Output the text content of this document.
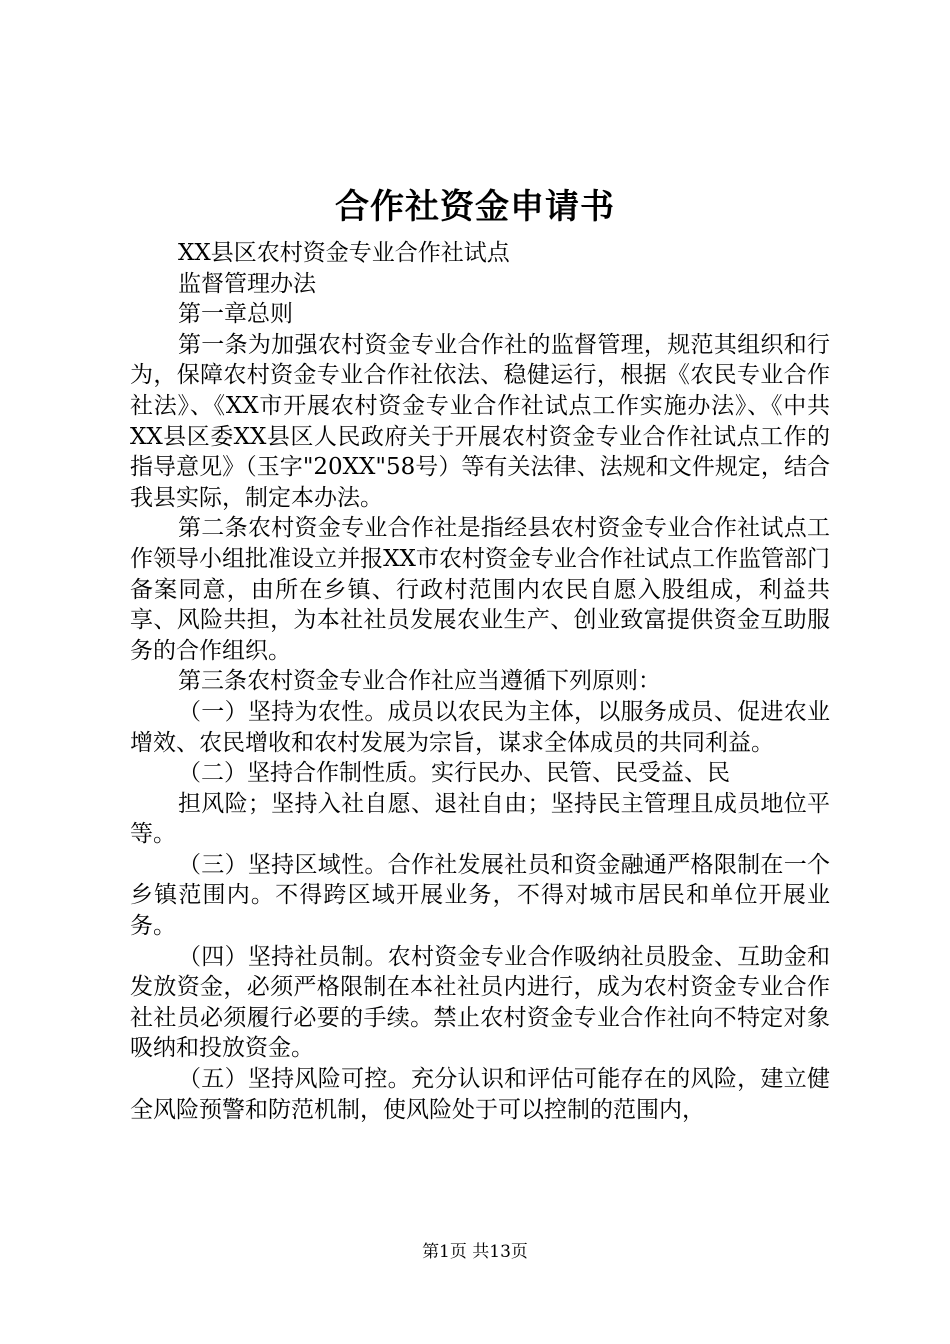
合作社资金申请书

XX县区农村资金专业合作社试点

监督管理办法

第一章总则

第一条为加强农村资金专业合作社的监督管理，规范其组织和行为，保障农村资金专业合作社依法、稳健运行，根据《农民专业合作社法》、《XX市开展农村资金专业合作社试点工作实施办法》、《中共XX县区委XX县区人民政府关于开展农村资金专业合作社试点工作的指导意见》（玉字"20XX"58号）等有关法律、法规和文件规定，结合我县实际，制定本办法。

第二条农村资金专业合作社是指经县农村资金专业合作社试点工作领导小组批准设立并报XX市农村资金专业合作社试点工作监管部门备案同意，由所在乡镇、行政村范围内农民自愿入股组成，利益共享、风险共担，为本社社员发展农业生产、创业致富提供资金互助服务的合作组织。

第三条农村资金专业合作社应当遵循下列原则：

（一）坚持为农性。成员以农民为主体，以服务成员、促进农业增效、农民增收和农村发展为宗旨，谋求全体成员的共同利益。

（二）坚持合作制性质。实行民办、民管、民受益、民

担风险；坚持入社自愿、退社自由；坚持民主管理且成员地位平等。

（三）坚持区域性。合作社发展社员和资金融通严格限制在一个乡镇范围内。不得跨区域开展业务，不得对城市居民和单位开展业务。

（四）坚持社员制。农村资金专业合作吸纳社员股金、互助金和发放资金，必须严格限制在本社社员内进行，成为农村资金专业合作社社员必须履行必要的手续。禁止农村资金专业合作社向不特定对象吸纳和投放资金。

（五）坚持风险可控。充分认识和评估可能存在的风险，建立健全风险预警和防范机制，使风险处于可以控制的范围内，

第1页 共13页
